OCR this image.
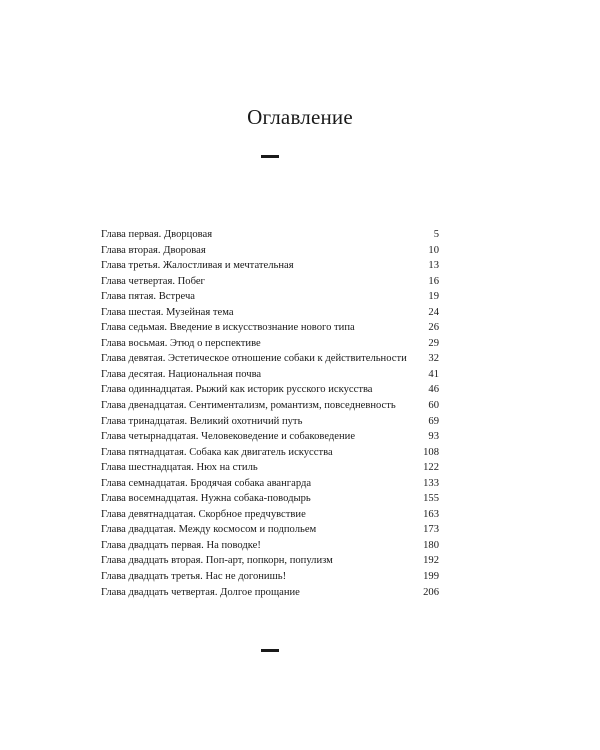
Оглавление
Глава первая. Дворцовая	5
Глава вторая. Дворовая	10
Глава третья. Жалостливая и мечтательная	13
Глава четвертая. Побег	16
Глава пятая. Встреча	19
Глава шестая. Музейная тема	24
Глава седьмая. Введение в искусствознание нового типа	26
Глава восьмая. Этюд о перспективе	29
Глава девятая. Эстетическое отношение собаки к действительности	32
Глава десятая. Национальная почва	41
Глава одиннадцатая. Рыжий как историк русского искусства	46
Глава двенадцатая. Сентиментализм, романтизм, повседневность	60
Глава тринадцатая. Великий охотничий путь	69
Глава четырнадцатая. Человековедение и собаковедение	93
Глава пятнадцатая. Собака как двигатель искусства	108
Глава шестнадцатая. Нюх на стиль	122
Глава семнадцатая. Бродячая собака авангарда	133
Глава восемнадцатая. Нужна собака-поводырь	155
Глава девятнадцатая. Скорбное предчувствие	163
Глава двадцатая. Между космосом и подпольем	173
Глава двадцать первая. На поводке!	180
Глава двадцать вторая. Поп-арт, попкорн, популизм	192
Глава двадцать третья. Нас не догонишь!	199
Глава двадцать четвертая. Долгое прощание	206
